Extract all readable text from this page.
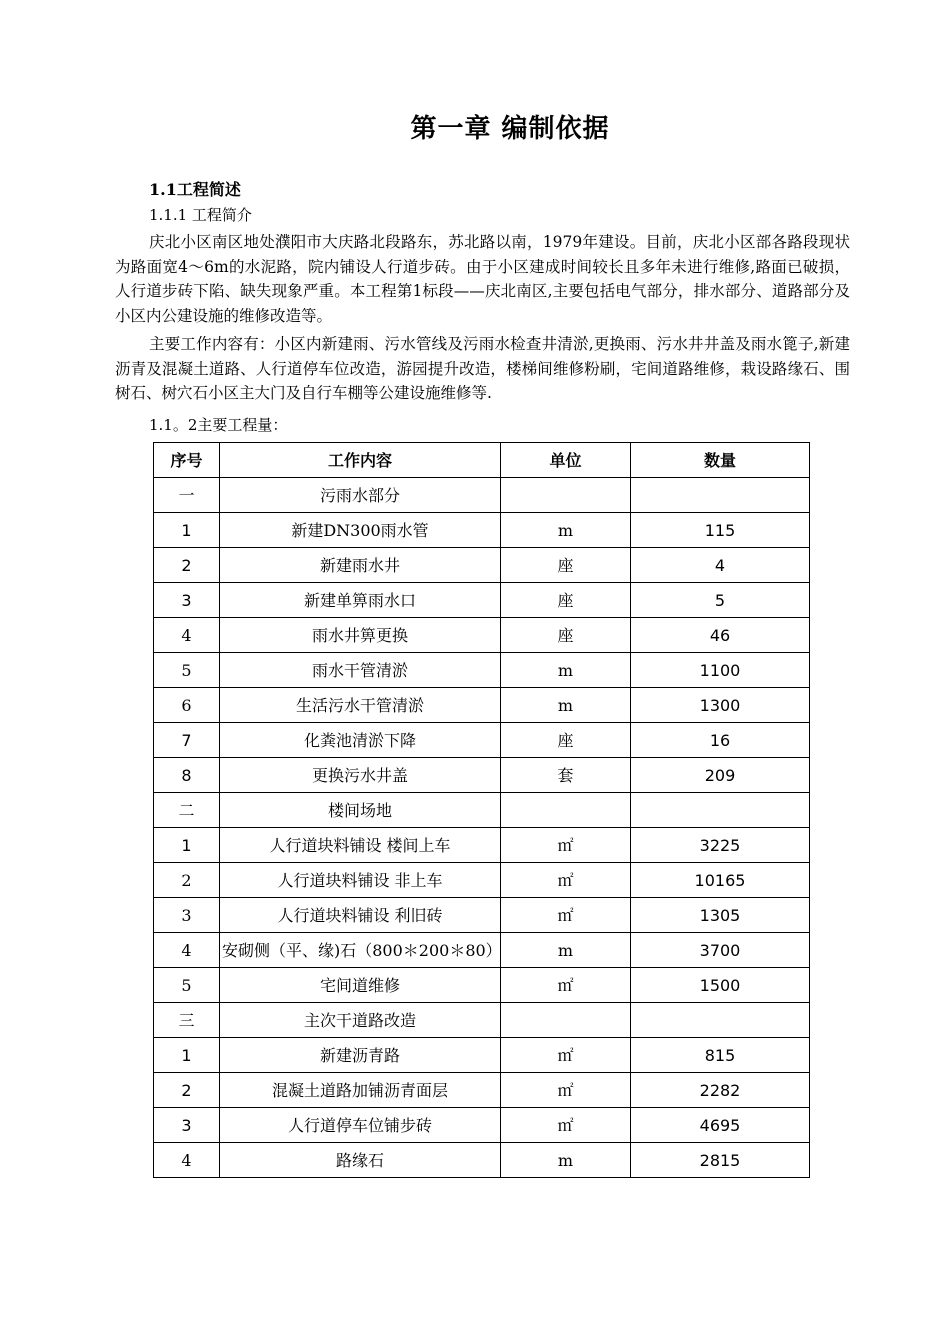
第一章 编制依据
1.1工程简述
1.1.1 工程简介

庆北小区南区地处濮阳市大庆路北段路东，苏北路以南，1979年建设。目前，庆北小区部各路段现状为路面宽4～6m的水泥路，院内铺设人行道步砖。由于小区建成时间较长且多年未进行维修,路面已破损，人行道步砖下陷、缺失现象严重。本工程第1标段——庆北南区,主要包括电气部分，排水部分、道路部分及小区内公建设施的维修改造等。

主要工作内容有：小区内新建雨、污水管线及污雨水检查井清淤,更换雨、污水井井盖及雨水篦子,新建沥青及混凝土道路、人行道停车位改造，游园提升改造，楼梯间维修粉刷，宅间道路维修，栽设路缘石、围树石、树穴石小区主大门及自行车棚等公建设施维修等.

1.1。2主要工程量：
序号	工作内容	单位	数量
一	污雨水部分		
1	新建DN300雨水管	m	115
2	新建雨水井	座	4
3	新建单箅雨水口	座	5
4	雨水井箅更换	座	46
5	雨水干管清淤	m	1100
6	生活污水干管清淤	m	1300
7	化粪池清淤下降	座	16
8	更换污水井盖	套	209
二	楼间场地		
1	人行道块料铺设 楼间上车	㎡	3225
2	人行道块料铺设 非上车	㎡	10165
3	人行道块料铺设 利旧砖	㎡	1305
4	安砌侧（平、缘)石（800＊200＊80）	m	3700
5	宅间道维修	㎡	1500
三	主次干道路改造		
1	新建沥青路	㎡	815
2	混凝土道路加铺沥青面层	㎡	2282
3	人行道停车位铺步砖	㎡	4695
4	路缘石	m	2815
